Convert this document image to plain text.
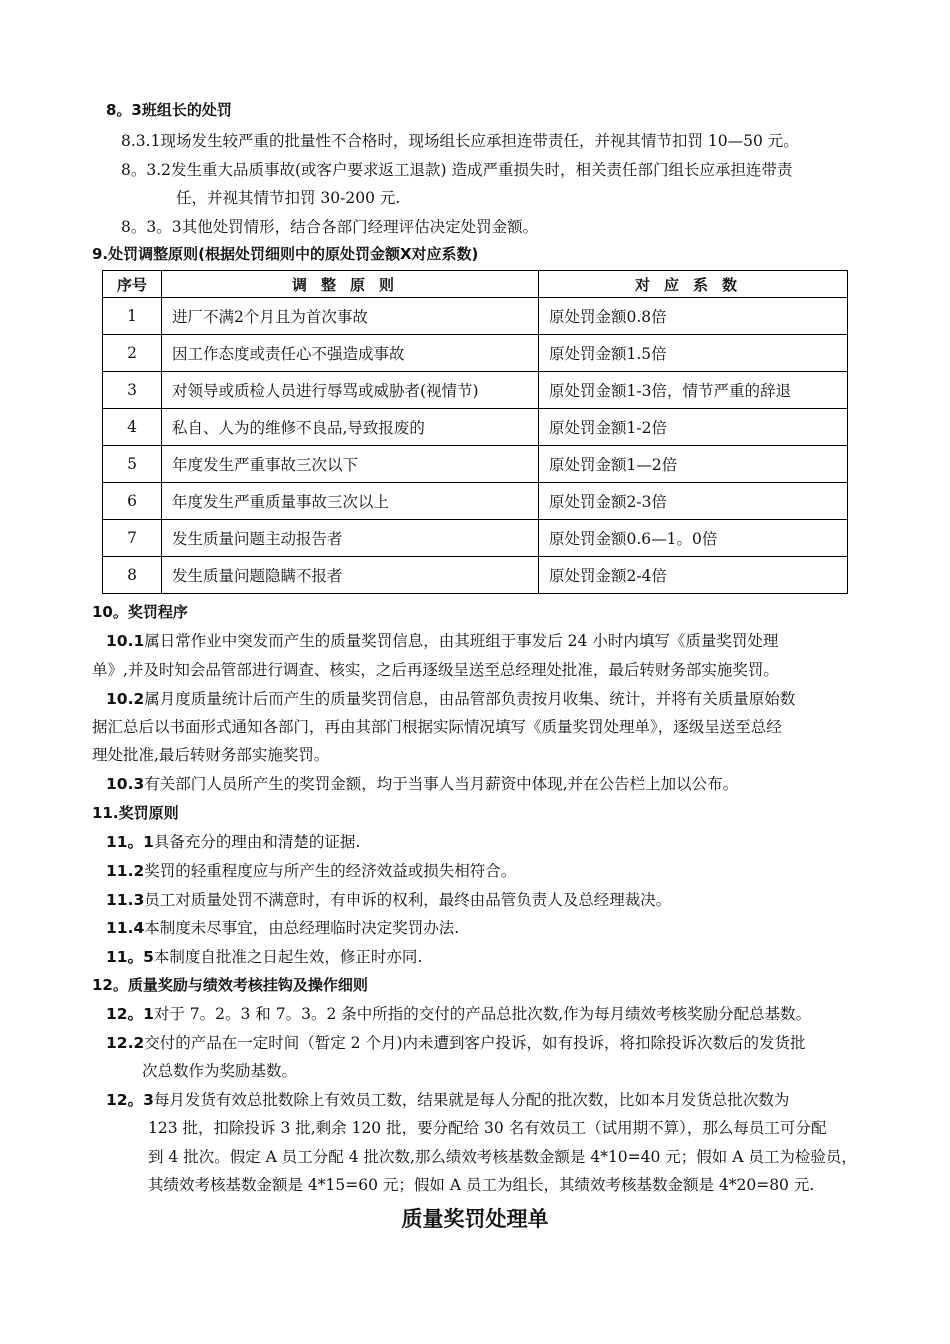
8。3班组长的处罚
8.3.1现场发生较严重的批量性不合格时，现场组长应承担连带责任，并视其情节扣罚 10—50 元。
8。3.2发生重大品质事故(或客户要求返工退款) 造成严重损失时，相关责任部门组长应承担连带责
任，并视其情节扣罚 30-200 元.
8。3。3其他处罚情形，结合各部门经理评估决定处罚金额。
9.处罚调整原则(根据处罚细则中的原处罚金额X对应系数)
序号	调整原则	对应系数
1	进厂不满2个月且为首次事故	原处罚金额0.8倍
2	因工作态度或责任心不强造成事故	原处罚金额1.5倍
3	对领导或质检人员进行辱骂或威胁者(视情节)	原处罚金额1-3倍，情节严重的辞退
4	私自、人为的维修不良品,导致报废的	原处罚金额1-2倍
5	年度发生严重事故三次以下	原处罚金额1—2倍
6	年度发生严重质量事故三次以上	原处罚金额2-3倍
7	发生质量问题主动报告者	原处罚金额0.6—1。0倍
8	发生质量问题隐瞒不报者	原处罚金额2-4倍
10。奖罚程序
10.1属日常作业中突发而产生的质量奖罚信息，由其班组于事发后 24 小时内填写《质量奖罚处理
单》,并及时知会品管部进行调查、核实，之后再逐级呈送至总经理处批准，最后转财务部实施奖罚。
10.2属月度质量统计后而产生的质量奖罚信息，由品管部负责按月收集、统计，并将有关质量原始数
据汇总后以书面形式通知各部门，再由其部门根据实际情况填写《质量奖罚处理单》，逐级呈送至总经
理处批准,最后转财务部实施奖罚。
10.3有关部门人员所产生的奖罚金额，均于当事人当月薪资中体现,并在公告栏上加以公布。
11.奖罚原则
11。1具备充分的理由和清楚的证据.
11.2奖罚的轻重程度应与所产生的经济效益或损失相符合。
11.3员工对质量处罚不满意时，有申诉的权利，最终由品管负责人及总经理裁决。
11.4本制度未尽事宜，由总经理临时决定奖罚办法.
11。5本制度自批准之日起生效，修正时亦同.
12。质量奖励与绩效考核挂钩及操作细则
12。1对于 7。2。3 和 7。3。2 条中所指的交付的产品总批次数,作为每月绩效考核奖励分配总基数。
12.2交付的产品在一定时间（暂定 2 个月)内未遭到客户投诉，如有投诉，将扣除投诉次数后的发货批
次总数作为奖励基数。
12。3每月发货有效总批数除上有效员工数，结果就是每人分配的批次数，比如本月发货总批次数为
123 批，扣除投诉 3 批,剩余 120 批，要分配给 30 名有效员工（试用期不算），那么每员工可分配
到 4 批次。假定 A 员工分配 4 批次数,那么绩效考核基数金额是 4*10=40 元；假如 A 员工为检验员，
其绩效考核基数金额是 4*15=60 元；假如 A 员工为组长，其绩效考核基数金额是 4*20=80 元.
质量奖罚处理单
